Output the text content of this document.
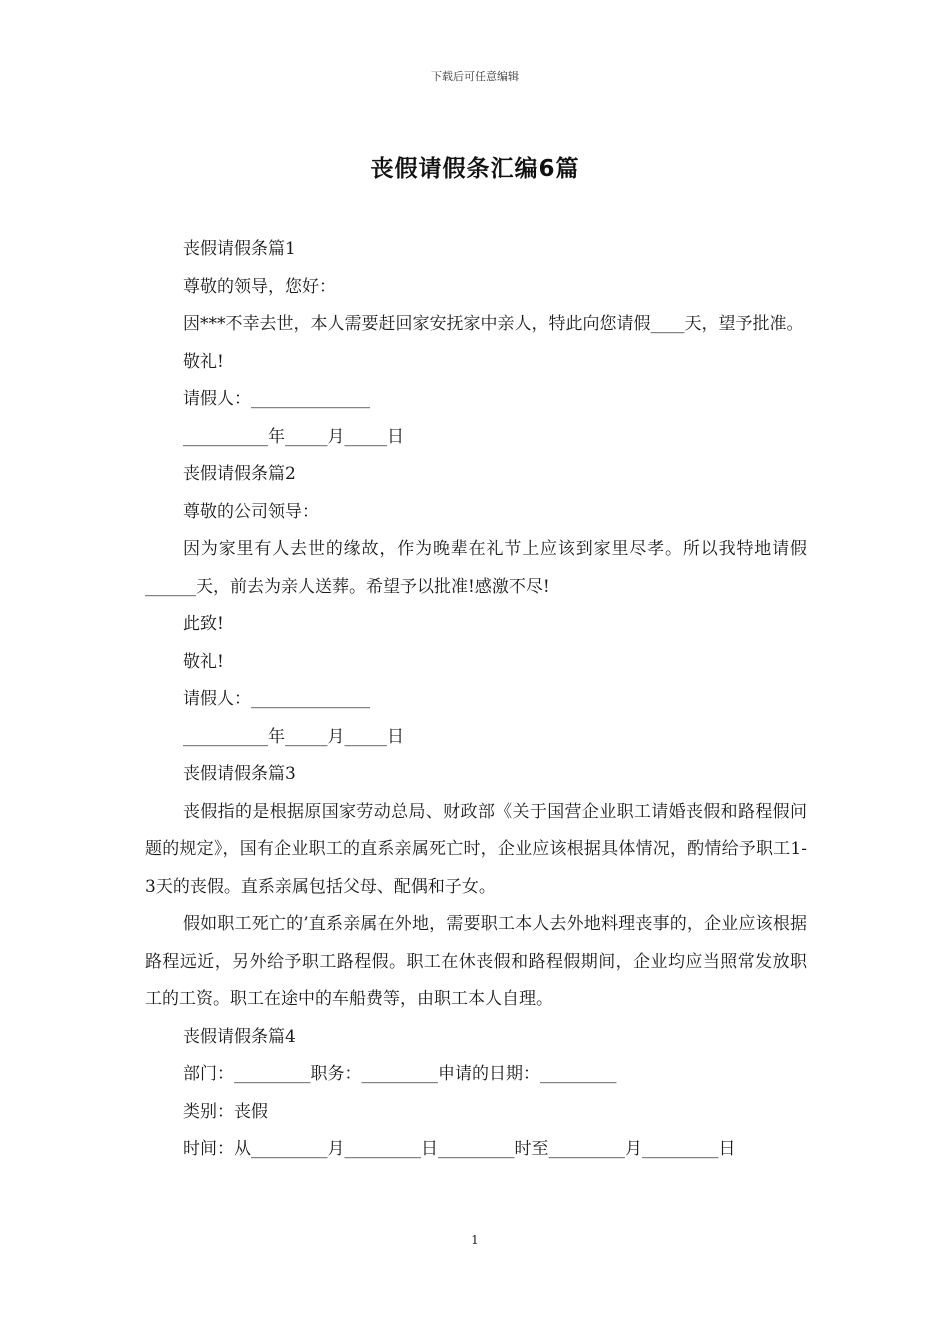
下载后可任意编辑
丧假请假条汇编6篇

丧假请假条篇1

尊敬的领导，您好：

因***不幸去世，本人需要赶回家安抚家中亲人，特此向您请假____天，望予批准。

敬礼!

请假人：______________

__________年_____月_____日

丧假请假条篇2

尊敬的公司领导：

因为家里有人去世的缘故，作为晚辈在礼节上应该到家里尽孝。所以我特地请假______天，前去为亲人送葬。希望予以批准!感激不尽!

此致!

敬礼!

请假人：______________

__________年_____月_____日

丧假请假条篇3

丧假指的是根据原国家劳动总局、财政部《关于国营企业职工请婚丧假和路程假问题的规定》，国有企业职工的直系亲属死亡时，企业应该根据具体情况，酌情给予职工1-3天的丧假。直系亲属包括父母、配偶和子女。

假如职工死亡的’直系亲属在外地，需要职工本人去外地料理丧事的，企业应该根据路程远近，另外给予职工路程假。职工在休丧假和路程假期间，企业均应当照常发放职工的工资。职工在途中的车船费等，由职工本人自理。

丧假请假条篇4

部门：_________职务：_________申请的日期：_________

类别：丧假

时间：从_________月_________日_________时至_________月_________日

1
